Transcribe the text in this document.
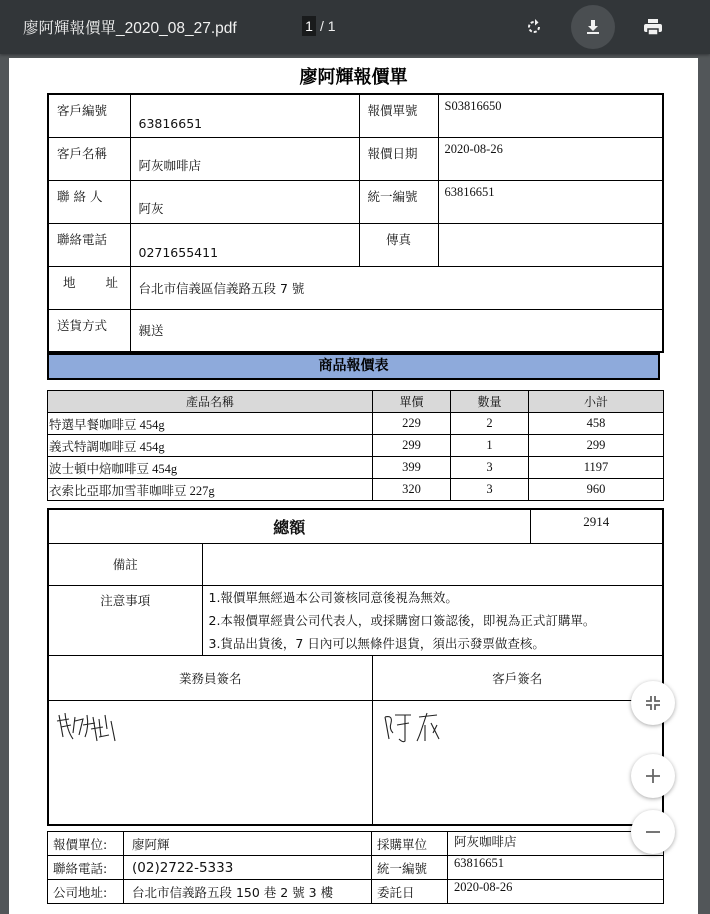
廖阿輝報價單_2020_08_27.pdf	1 / 1
廖阿輝報價單
客戶編號	63816651	報價單號	S03816650
客戶名稱	阿灰咖啡店	報價日期	2020-08-26
聯 絡 人	阿灰	統一編號	63816651
聯絡電話	0271655411	傳真	
地 址	台北市信義區信義路五段 7 號		
送貨方式	親送		
商品報價表
產品名稱	單價	數量	小計
特選早餐咖啡豆 454g	229	2	458
義式特調咖啡豆 454g	299	1	299
波士頓中焙咖啡豆 454g	399	3	1197
衣索比亞耶加雪菲咖啡豆 227g	320	3	960
總額			2914
備註			
注意事項	1.報價單無經過本公司簽核同意後視為無效。
2.本報價單經貴公司代表人，或採購窗口簽認後，即視為正式訂購單。
3.貨品出貨後，7 日內可以無條件退貨，須出示發票做查核。		

業務員簽名		客戶簽名	

報價單位:	廖阿輝	採購單位	阿灰咖啡店
聯絡電話:	(02)2722-5333	統一編號	63816651
公司地址:	台北市信義路五段 150 巷 2 號 3 樓	委託日	2020-08-26
